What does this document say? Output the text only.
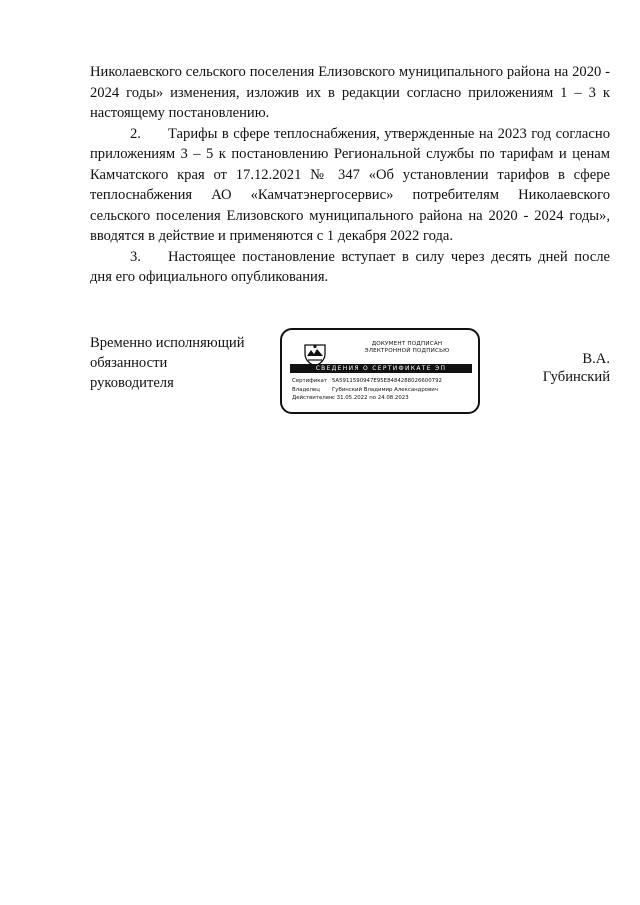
Николаевского сельского поселения Елизовского муниципального района на 2020 - 2024 годы» изменения, изложив их в редакции согласно приложениям 1 – 3 к настоящему постановлению.

2. Тарифы в сфере теплоснабжения, утвержденные на 2023 год согласно приложениям 3 – 5 к постановлению Региональной службы по тарифам и ценам Камчатского края от 17.12.2021 № 347 «Об установлении тарифов в сфере теплоснабжения АО «Камчатэнергосервис» потребителям Николаевского сельского поселения Елизовского муниципального района на 2020 - 2024 годы», вводятся в действие и применяются с 1 декабря 2022 года.

3. Настоящее постановление вступает в силу через десять дней после дня его официального опубликования.

Временно исполняющий
обязанности
руководителя
ДОКУМЕНТ ПОДПИСАН
ЭЛЕКТРОННОЙ ПОДПИСЬЮ
СВЕДЕНИЯ О СЕРТИФИКАТЕ ЭП
Сертификат 5A5911590947E95E8484288026600792
Владелец Губинский Владимир Александрович
Действителенс 31.05.2022 по 24.08.2023
В.А.
Губинский
